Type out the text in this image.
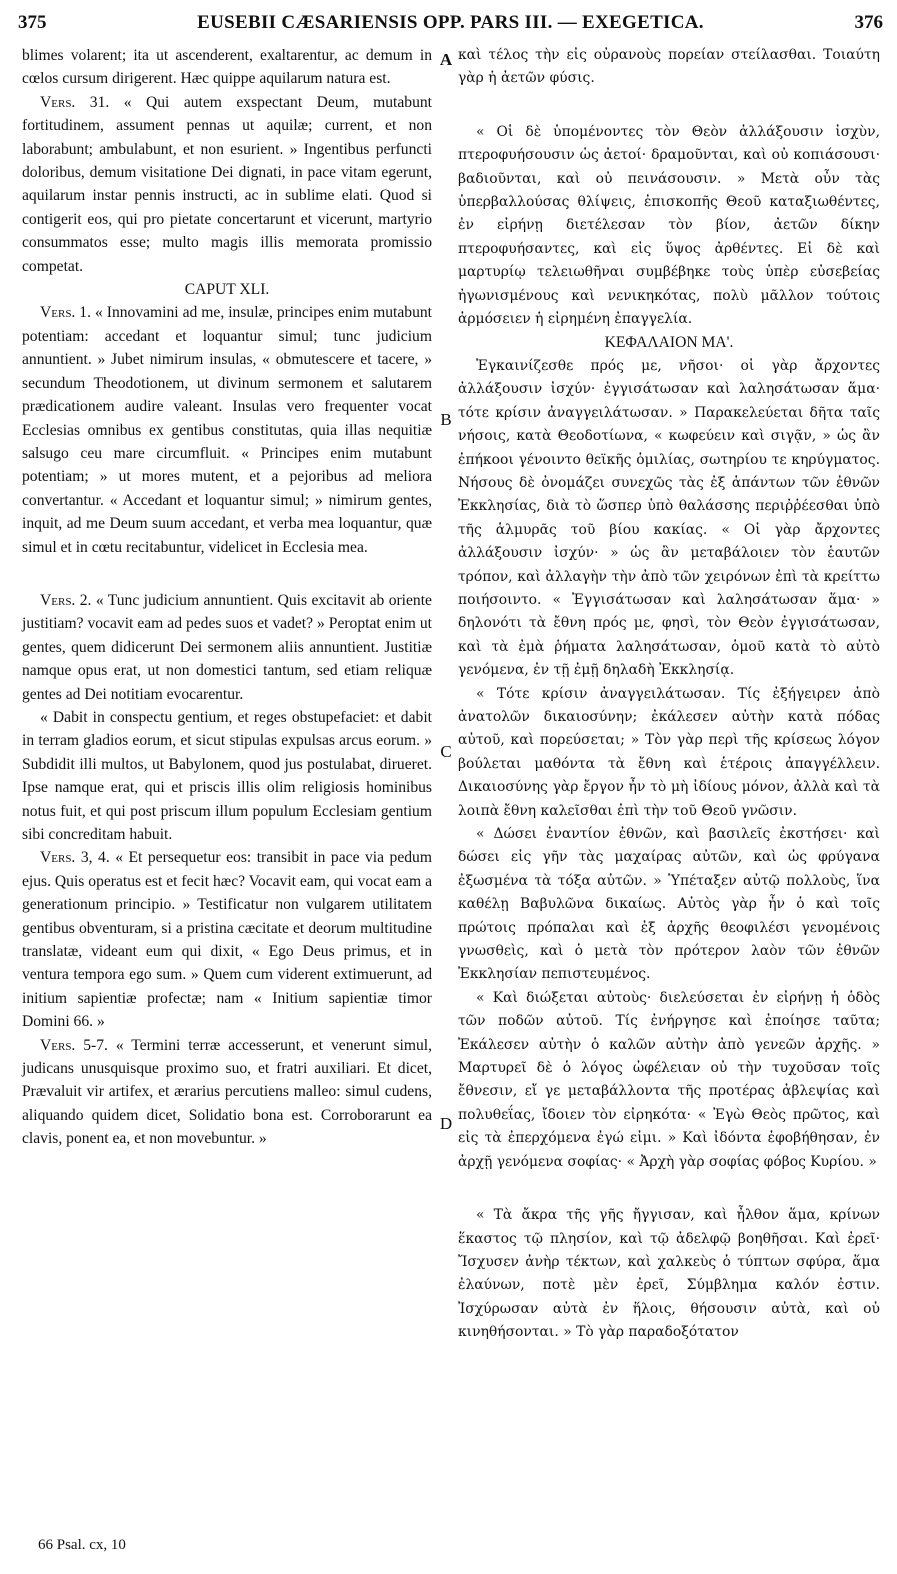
375	EUSEBII CÆSARIENSIS OPP. PARS III. — EXEGETICA.	376

blimes volarent; ita ut ascenderent, exaltarentur, ac demum in cœlos cursum dirigerent. Hæc quippe aquilarum natura est.

Vers. 31. « Qui autem exspectant Deum, mutabunt fortitudinem, assument pennas ut aquilæ; current, et non laborabunt; ambulabunt, et non esurient. » Ingentibus perfuncti doloribus, demum visitatione Dei dignati, in pace vitam egerunt, aquilarum instar pennis instructi, ac in sublime elati. Quod si contigerit eos, qui pro pietate concertarunt et vicerunt, martyrio consummatos esse; multo magis illis memorata promissio competat.

CAPUT XLI.

Vers. 1. « Innovamini ad me, insulæ, principes enim mutabunt potentiam: accedant et loquantur simul; tunc judicium annuntient. » Jubet nimirum insulas, « obmutescere et tacere, » secundum Theodotionem, ut divinum sermonem et salutarem prædicationem audire valeant. Insulas vero frequenter vocat Ecclesias omnibus ex gentibus constitutas, quia illas nequitiæ salsugo ceu mare circumfluit. « Principes enim mutabunt potentiam; » ut mores mutent, et a pejoribus ad meliora convertantur. « Accedant et loquantur simul; » nimirum gentes, inquit, ad me Deum suum accedant, et verba mea loquantur, quæ simul et in cœtu recitabuntur, videlicet in Ecclesia mea.

Vers. 2. « Tunc judicium annuntient. Quis excitavit ab oriente justitiam? vocavit eam ad pedes suos et vadet? » Peroptat enim ut gentes, quem didicerunt Dei sermonem aliis annuntient. Justitiæ namque opus erat, ut non domestici tantum, sed etiam reliquæ gentes ad Dei notitiam evocarentur.

« Dabit in conspectu gentium, et reges obstupefaciet: et dabit in terram gladios eorum, et sicut stipulas expulsas arcus eorum. » Subdidit illi multos, ut Babylonem, quod jus postulabat, dirueret. Ipse namque erat, qui et priscis illis olim religiosis hominibus notus fuit, et qui post priscum illum populum Ecclesiam gentium sibi concreditam habuit.

Vers. 3, 4. « Et persequetur eos: transibit in pace via pedum ejus. Quis operatus est et fecit hæc? Vocavit eam, qui vocat eam a generationum principio. » Testificatur non vulgarem utilitatem gentibus obventuram, si a pristina cæcitate et deorum multitudine translatæ, videant eum qui dixit, « Ego Deus primus, et in ventura tempora ego sum. » Quem cum viderent extimuerunt, ad initium sapientiæ profectæ; nam « Initium sapientiæ timor Domini 66. »

Vers. 5-7. « Termini terræ accesserunt, et venerunt simul, judicans unusquisque proximo suo, et fratri auxiliari. Et dicet, Prævaluit vir artifex, et ærarius percutiens malleo: simul cudens, aliquando quidem dicet, Solidatio bona est. Corroborarunt ea clavis, ponent ea, et non movebuntur. »

A
B
C
D

καὶ τέλος τὴν εἰς οὐρανοὺς πορείαν στείλασθαι. Τοιαύτη γὰρ ἡ ἀετῶν φύσις.

« Οἱ δὲ ὑπομένοντες τὸν Θεὸν ἀλλάξουσιν ἰσχὺν, πτεροφυήσουσιν ὡς ἀετοί· δραμοῦνται, καὶ οὐ κοπιάσουσι· βαδιοῦνται, καὶ οὐ πεινάσουσιν. » Μετὰ οὖν τὰς ὑπερβαλλούσας θλίψεις, ἐπισκοπῆς Θεοῦ καταξιωθέντες, ἐν εἰρήνῃ διετέλεσαν τὸν βίον, ἀετῶν δίκην πτεροφυήσαντες, καὶ εἰς ὕψος ἀρθέντες. Εἰ δὲ καὶ μαρτυρίῳ τελειωθῆναι συμβέβηκε τοὺς ὑπὲρ εὐσεβείας ἠγωνισμένους καὶ νενικηκότας, πολὺ μᾶλλον τούτοις ἁρμόσειεν ἡ εἰρημένη ἐπαγγελία.

ΚΕΦΑΛΑΙΟΝ ΜΑ'.

Ἐγκαινίζεσθε πρός με, νῆσοι· οἱ γὰρ ἄρχοντες ἀλλάξουσιν ἰσχύν· ἐγγισάτωσαν καὶ λαλησάτωσαν ἅμα· τότε κρίσιν ἀναγγειλάτωσαν. » Παρακελεύεται δῆτα ταῖς νήσοις, κατὰ Θεοδοτίωνα, « κωφεύειν καὶ σιγᾷν, » ὡς ἂν ἐπήκοοι γένοιντο θεϊκῆς ὁμιλίας, σωτηρίου τε κηρύγματος. Νήσους δὲ ὀνομάζει συνεχῶς τὰς ἐξ ἁπάντων τῶν ἐθνῶν Ἐκκλησίας, διὰ τὸ ὥσπερ ὑπὸ θαλάσσης περιῤῥέεσθαι ὑπὸ τῆς ἁλμυρᾶς τοῦ βίου κακίας. « Οἱ γὰρ ἄρχοντες ἀλλάξουσιν ἰσχύν· » ὡς ἂν μεταβάλοιεν τὸν ἑαυτῶν τρόπον, καὶ ἀλλαγὴν τὴν ἀπὸ τῶν χειρόνων ἐπὶ τὰ κρείττω ποιήσοιντο. « Ἐγγισάτωσαν καὶ λαλησάτωσαν ἅμα· » δηλονότι τὰ ἔθνη πρός με, φησὶ, τὸν Θεὸν ἐγγισάτωσαν, καὶ τὰ ἐμὰ ῥήματα λαλησάτωσαν, ὁμοῦ κατὰ τὸ αὐτὸ γενόμενα, ἐν τῇ ἐμῇ δηλαδὴ Ἐκκλησίᾳ.

« Τότε κρίσιν ἀναγγειλάτωσαν. Τίς ἐξήγειρεν ἀπὸ ἀνατολῶν δικαιοσύνην; ἐκάλεσεν αὐτὴν κατὰ πόδας αὐτοῦ, καὶ πορεύσεται; » Τὸν γὰρ περὶ τῆς κρίσεως λόγον βούλεται μαθόντα τὰ ἔθνη καὶ ἑτέροις ἀπαγγέλλειν. Δικαιοσύνης γὰρ ἔργον ἦν τὸ μὴ ἰδίους μόνον, ἀλλὰ καὶ τὰ λοιπὰ ἔθνη καλεῖσθαι ἐπὶ τὴν τοῦ Θεοῦ γνῶσιν.

« Δώσει ἐναντίον ἐθνῶν, καὶ βασιλεῖς ἐκστήσει· καὶ δώσει εἰς γῆν τὰς μαχαίρας αὐτῶν, καὶ ὡς φρύγανα ἐξωσμένα τὰ τόξα αὐτῶν. » Ὑπέταξεν αὐτῷ πολλοὺς, ἵνα καθέλῃ Βαβυλῶνα δικαίως. Αὐτὸς γὰρ ἦν ὁ καὶ τοῖς πρώτοις πρόπαλαι καὶ ἐξ ἀρχῆς θεοφιλέσι γενομένοις γνωσθεὶς, καὶ ὁ μετὰ τὸν πρότερον λαὸν τῶν ἐθνῶν Ἐκκλησίαν πεπιστευμένος.

« Καὶ διώξεται αὐτοὺς· διελεύσεται ἐν εἰρήνῃ ἡ ὁδὸς τῶν ποδῶν αὐτοῦ. Τίς ἐνήργησε καὶ ἐποίησε ταῦτα; Ἐκάλεσεν αὐτὴν ὁ καλῶν αὐτὴν ἀπὸ γενεῶν ἀρχῆς. » Μαρτυρεῖ δὲ ὁ λόγος ὠφέλειαν οὐ τὴν τυχοῦσαν τοῖς ἔθνεσιν, εἴ γε μεταβάλλοντα τῆς προτέρας ἀβλεψίας καὶ πολυθεΐας, ἴδοιεν τὸν εἰρηκότα· « Ἐγὼ Θεὸς πρῶτος, καὶ εἰς τὰ ἐπερχόμενα ἐγώ εἰμι. » Καὶ ἰδόντα ἐφοβήθησαν, ἐν ἀρχῇ γενόμενα σοφίας· « Ἀρχὴ γὰρ σοφίας φόβος Κυρίου. »

« Τὰ ἄκρα τῆς γῆς ἤγγισαν, καὶ ἦλθον ἅμα, κρίνων ἕκαστος τῷ πλησίον, καὶ τῷ ἀδελφῷ βοηθῆσαι. Καὶ ἐρεῖ· Ἴσχυσεν ἀνὴρ τέκτων, καὶ χαλκεὺς ὁ τύπτων σφύρα, ἅμα ἐλαύνων, ποτὲ μὲν ἐρεῖ, Σύμβλημα καλόν ἐστιν. Ἰσχύρωσαν αὐτὰ ἐν ἥλοις, θήσουσιν αὐτὰ, καὶ οὐ κινηθήσονται. » Τὸ γὰρ παραδοξότατον

66 Psal. cx, 10
